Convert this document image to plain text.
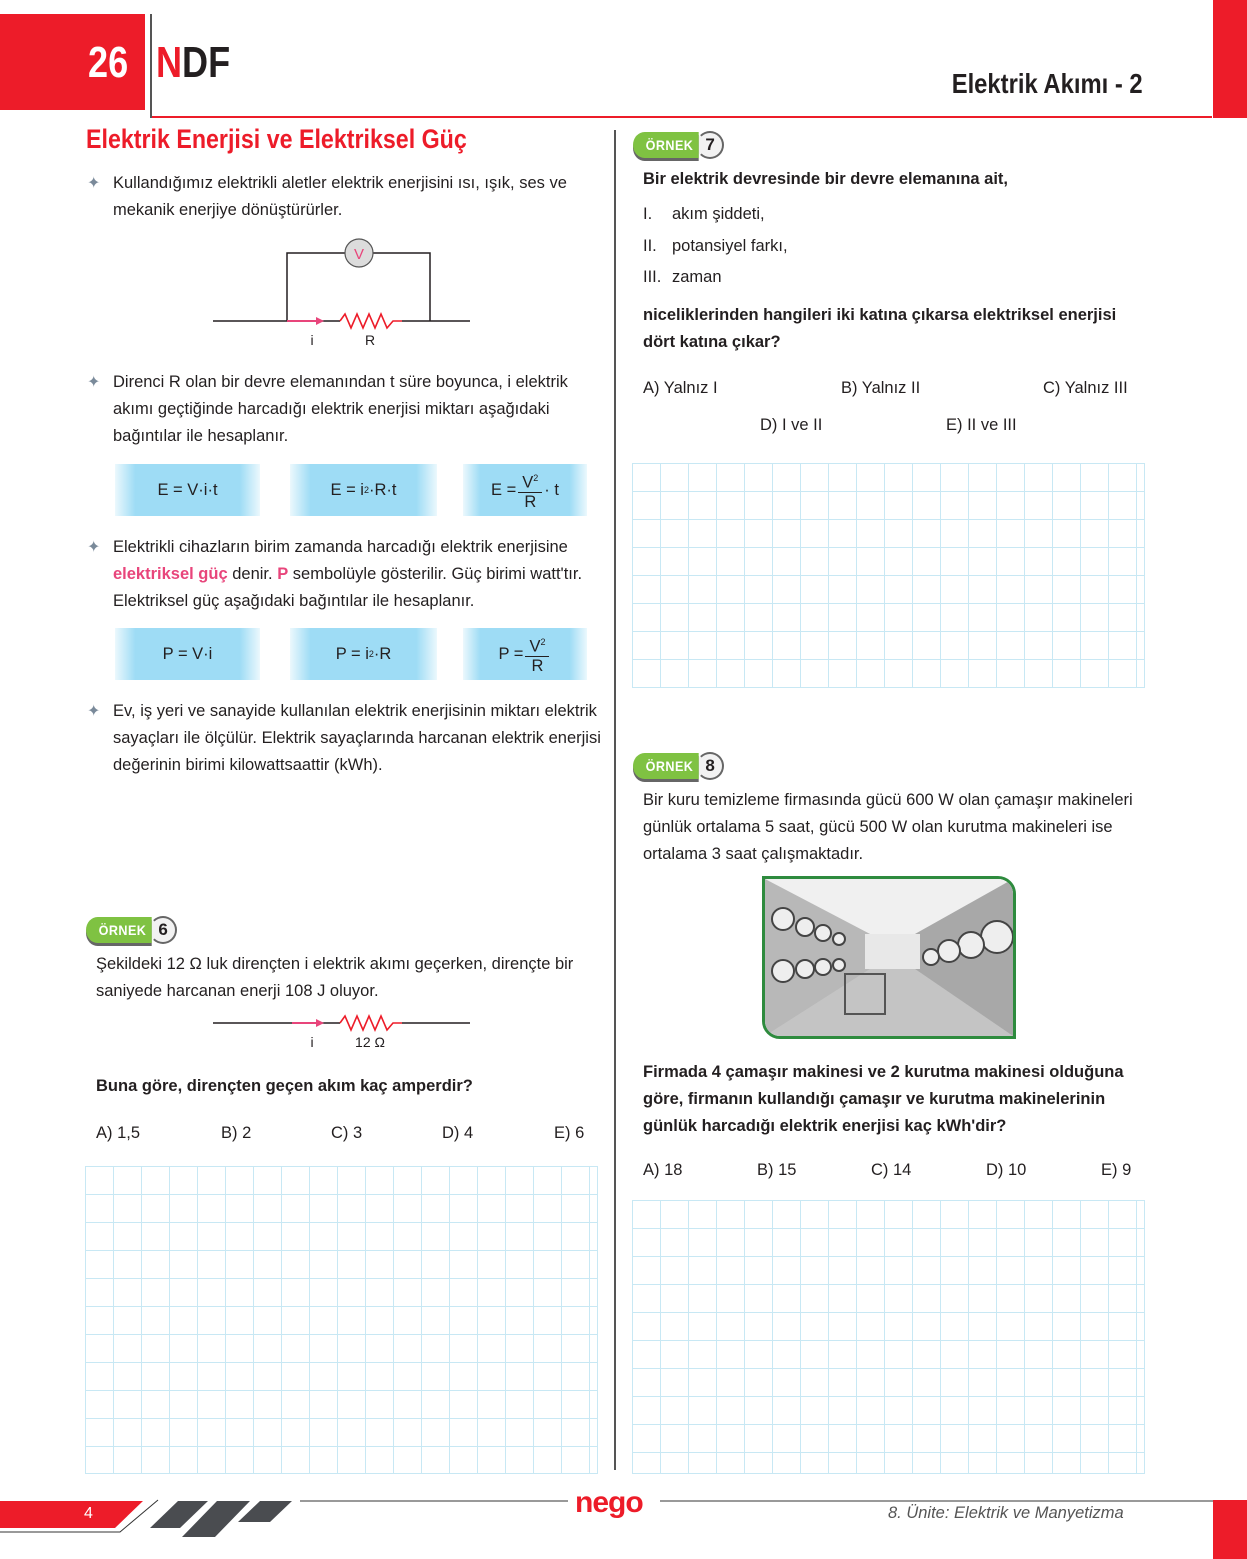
26 NDF	Elektrik Akımı - 2
Elektrik Enerjisi ve Elektriksel Güç
✦ Kullandığımız elektrikli aletler elektrik enerjisini ısı, ışık, ses ve mekanik enerjiye dönüştürürler.
V
i	R
✦ Direnci R olan bir devre elemanından t süre boyunca, i elektrik akımı geçtiğinde harcadığı elektrik enerjisi miktarı aşağıdaki bağıntılar ile hesaplanır.
E = V·i·t	E = i 2 ·R·t	$E = \frac{V^2}{R} \cdot t$
✦ Elektrikli cihazların birim zamanda harcadığı elektrik enerjisine elektriksel güç denir. P sembolüyle gösterilir. Güç birimi watt'tır. Elektriksel güç aşağıdaki bağıntılar ile hesaplanır.
P = V·i	P = i 2 ·R	$P = \frac{V^2}{R}$
✦ Ev, iş yeri ve sanayide kullanılan elektrik enerjisinin miktarı elektrik sayaçları ile ölçülür. Elektrik sayaçlarında harcanan elektrik enerjisi değerinin birimi kilowattsaattir (kWh).
ÖRNEK 6
Şekildeki 12 Ω luk dirençten i elektrik akımı geçerken, dirençte bir saniyede harcanan enerji 108 J oluyor.
i	12 Ω
Buna göre, dirençten geçen akım kaç amperdir?
A) 1,5	B) 2	C) 3	D) 4	E) 6
ÖRNEK 7
Bir elektrik devresinde bir devre elemanına ait,
I. akım şiddeti,
II. potansiyel farkı,
III. zaman
niceliklerinden hangileri iki katına çıkarsa elektriksel enerjisi dört katına çıkar?
A) Yalnız I	B) Yalnız II	C) Yalnız III
D) I ve II	E) II ve III
ÖRNEK 8
Bir kuru temizleme firmasında gücü 600 W olan çamaşır makineleri günlük ortalama 5 saat, gücü 500 W olan kurutma makineleri ise ortalama 3 saat çalışmaktadır.
Firmada 4 çamaşır makinesi ve 2 kurutma makinesi olduğuna göre, firmanın kullandığı çamaşır ve kurutma makinelerinin günlük harcadığı elektrik enerjisi kaç kWh'dir?
A) 18	B) 15	C) 14	D) 10	E) 9
4	nego	8. Ünite: Elektrik ve Manyetizma
